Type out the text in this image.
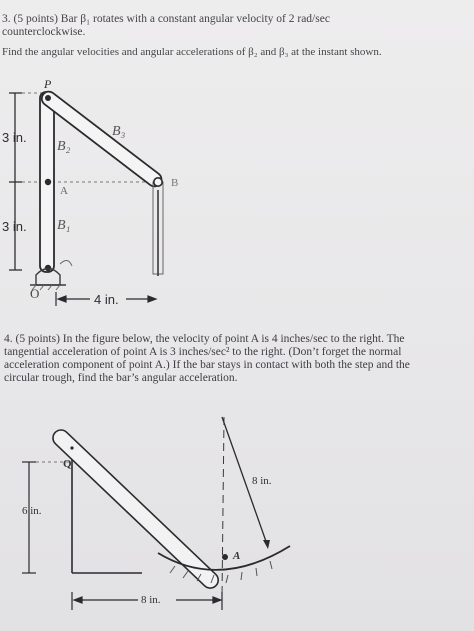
3. (5 points) Bar β₁ rotates with a constant angular velocity of 2 rad/sec
counterclockwise.
Find the angular velocities and angular accelerations of β₂ and β₃ at the instant shown.
P
B₃
B₂
B₁
A
B
O
3 in.
3 in.
4 in.
4. (5 points) In the figure below, the velocity of point A is 4 inches/sec to the right. The
tangential acceleration of point A is 3 inches/sec² to the right. (Don’t forget the normal
acceleration component of point A.) If the bar stays in contact with both the step and the
circular trough, find the bar’s angular acceleration.
Q
A
6 in.
8 in.
8 in.
